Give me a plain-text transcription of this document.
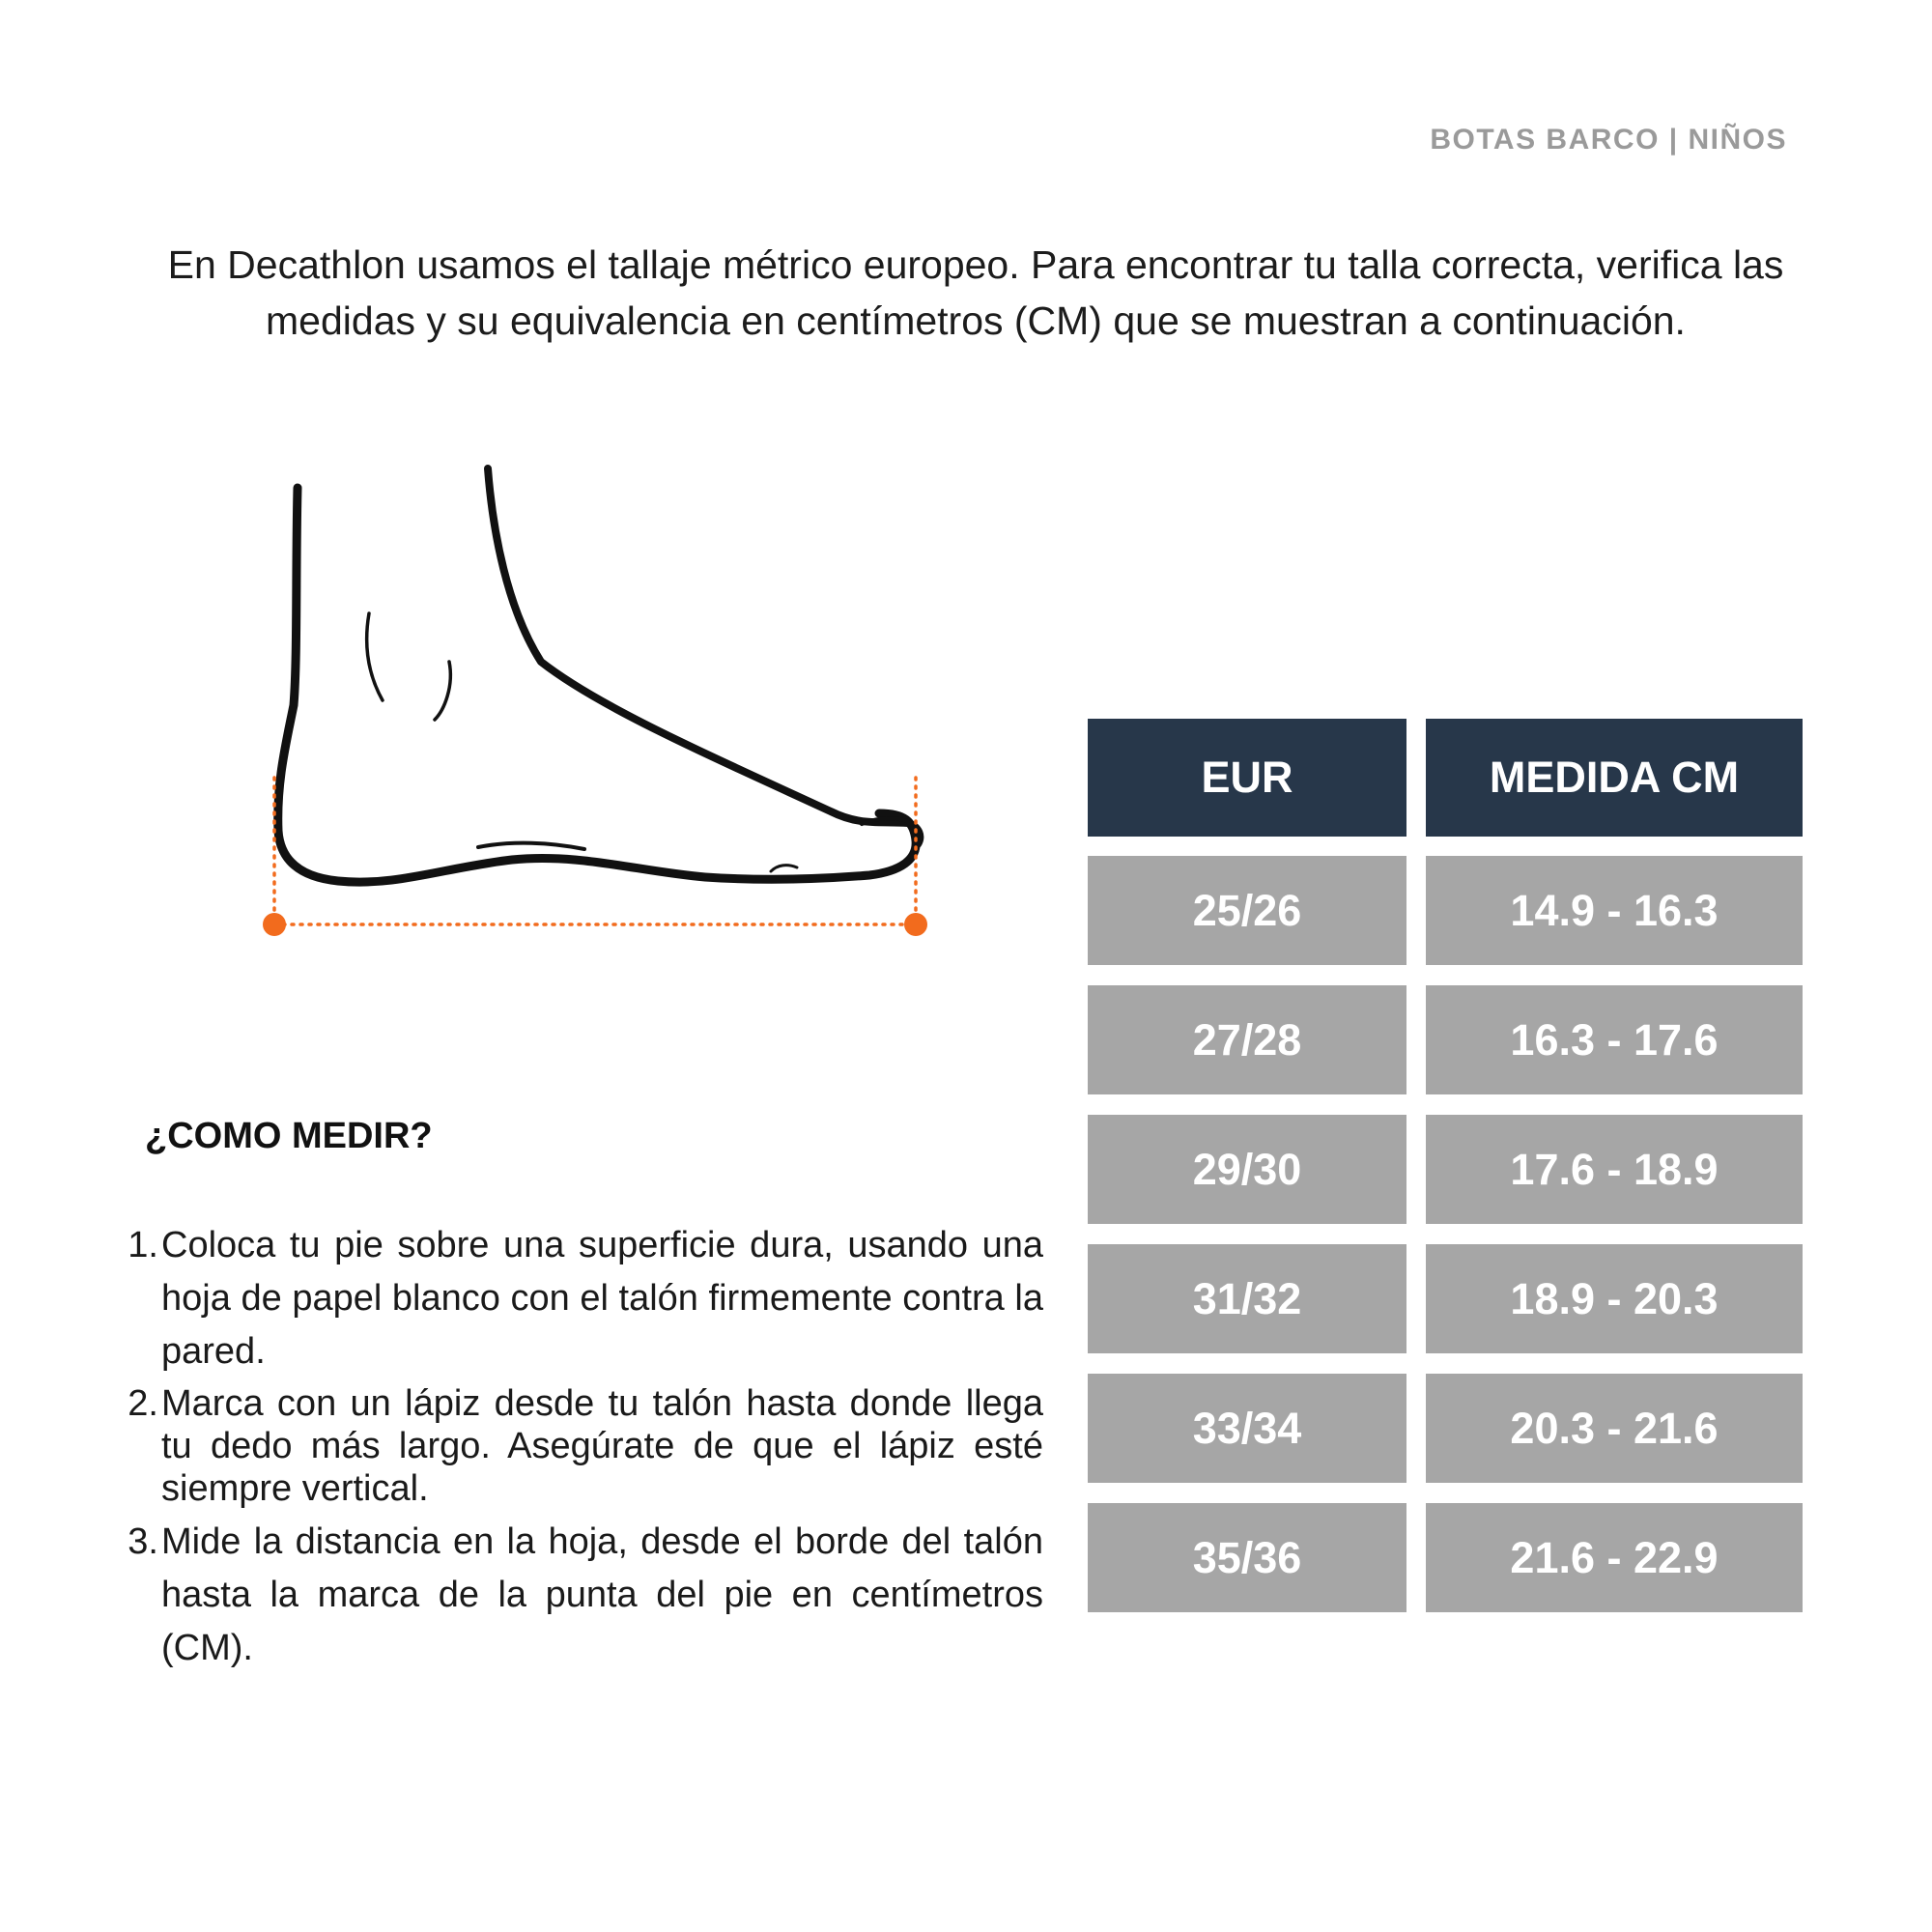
BOTAS BARCO | NIÑOS
En Decathlon usamos el tallaje métrico europeo. Para encontrar tu talla correcta, verifica las medidas y su equivalencia en centímetros (CM) que se muestran a continuación.
¿COMO MEDIR?
1. Coloca tu pie sobre una superficie dura, usando una hoja de papel blanco con el talón firmemente contra la pared.
2. Marca con un lápiz desde tu talón hasta donde llega tu dedo más largo. Asegúrate de que el lápiz esté siempre vertical.
3. Mide la distancia en la hoja, desde el borde del talón hasta la marca de la punta del pie en centímetros (CM).
EUR	MEDIDA CM
25/26	14.9 - 16.3
27/28	16.3 - 17.6
29/30	17.6 - 18.9
31/32	18.9 - 20.3
33/34	20.3 - 21.6
35/36	21.6 - 22.9
